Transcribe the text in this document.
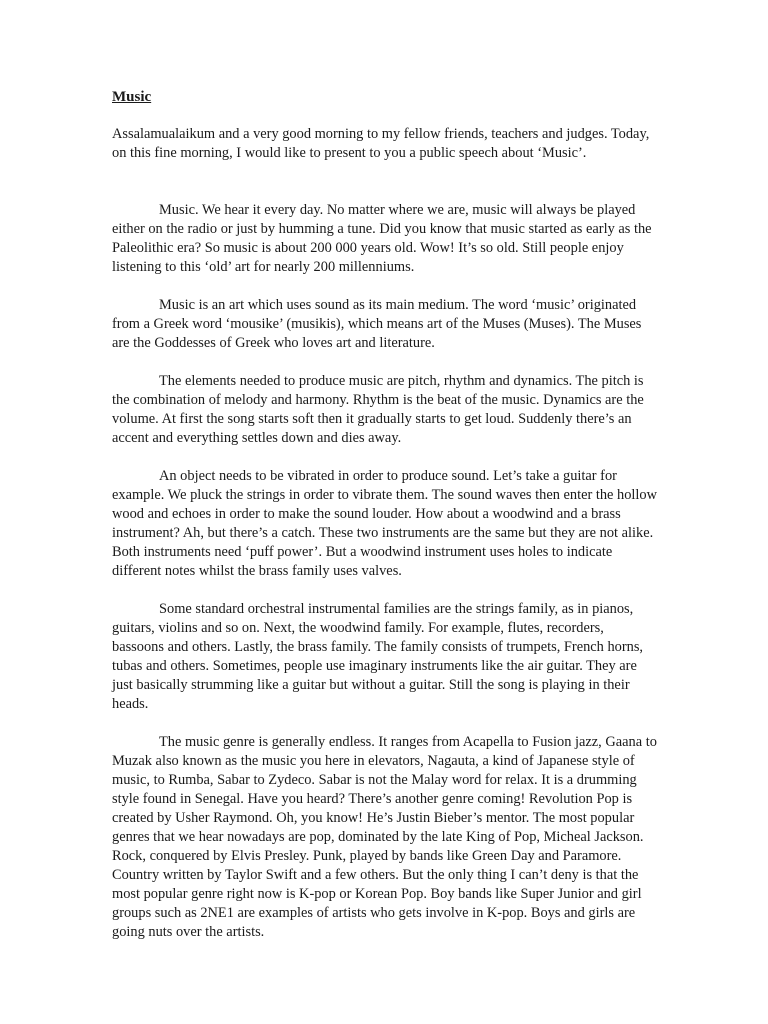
Music

Assalamualaikum and a very good morning to my fellow friends, teachers and judges. Today, on this fine morning, I would like to present to you a public speech about ‘Music’.

Music. We hear it every day. No matter where we are, music will always be played either on the radio or just by humming a tune. Did you know that music started as early as the Paleolithic era? So music is about 200 000 years old. Wow! It’s so old. Still people enjoy listening to this ‘old’ art for nearly 200 millenniums.

Music is an art which uses sound as its main medium. The word ‘music’ originated from a Greek word ‘mousike’ (musikis), which means art of the Muses (Muses). The Muses are the Goddesses of Greek who loves art and literature.

The elements needed to produce music are pitch, rhythm and dynamics. The pitch is the combination of melody and harmony. Rhythm is the beat of the music. Dynamics are the volume. At first the song starts soft then it gradually starts to get loud. Suddenly there’s an accent and everything settles down and dies away.

An object needs to be vibrated in order to produce sound. Let’s take a guitar for example. We pluck the strings in order to vibrate them. The sound waves then enter the hollow wood and echoes in order to make the sound louder. How about a woodwind and a brass instrument? Ah, but there’s a catch. These two instruments are the same but they are not alike. Both instruments need ‘puff power’. But a woodwind instrument uses holes to indicate different notes whilst the brass family uses valves.

Some standard orchestral instrumental families are the strings family, as in pianos, guitars, violins and so on. Next, the woodwind family. For example, flutes, recorders, bassoons and others. Lastly, the brass family. The family consists of trumpets, French horns, tubas and others. Sometimes, people use imaginary instruments like the air guitar. They are just basically strumming like a guitar but without a guitar. Still the song is playing in their heads.

The music genre is generally endless. It ranges from Acapella to Fusion jazz, Gaana to Muzak also known as the music you here in elevators, Nagauta, a kind of Japanese style of music, to Rumba, Sabar to Zydeco. Sabar is not the Malay word for relax. It is a drumming style found in Senegal. Have you heard? There’s another genre coming! Revolution Pop is created by Usher Raymond. Oh, you know! He’s Justin Bieber’s mentor. The most popular genres that we hear nowadays are pop, dominated by the late King of Pop, Micheal Jackson. Rock, conquered by Elvis Presley. Punk, played by bands like Green Day and Paramore. Country written by Taylor Swift and a few others. But the only thing I can’t deny is that the most popular genre right now is K-pop or Korean Pop. Boy bands like Super Junior and girl groups such as 2NE1 are examples of artists who gets involve in K-pop. Boys and girls are going nuts over the artists.
